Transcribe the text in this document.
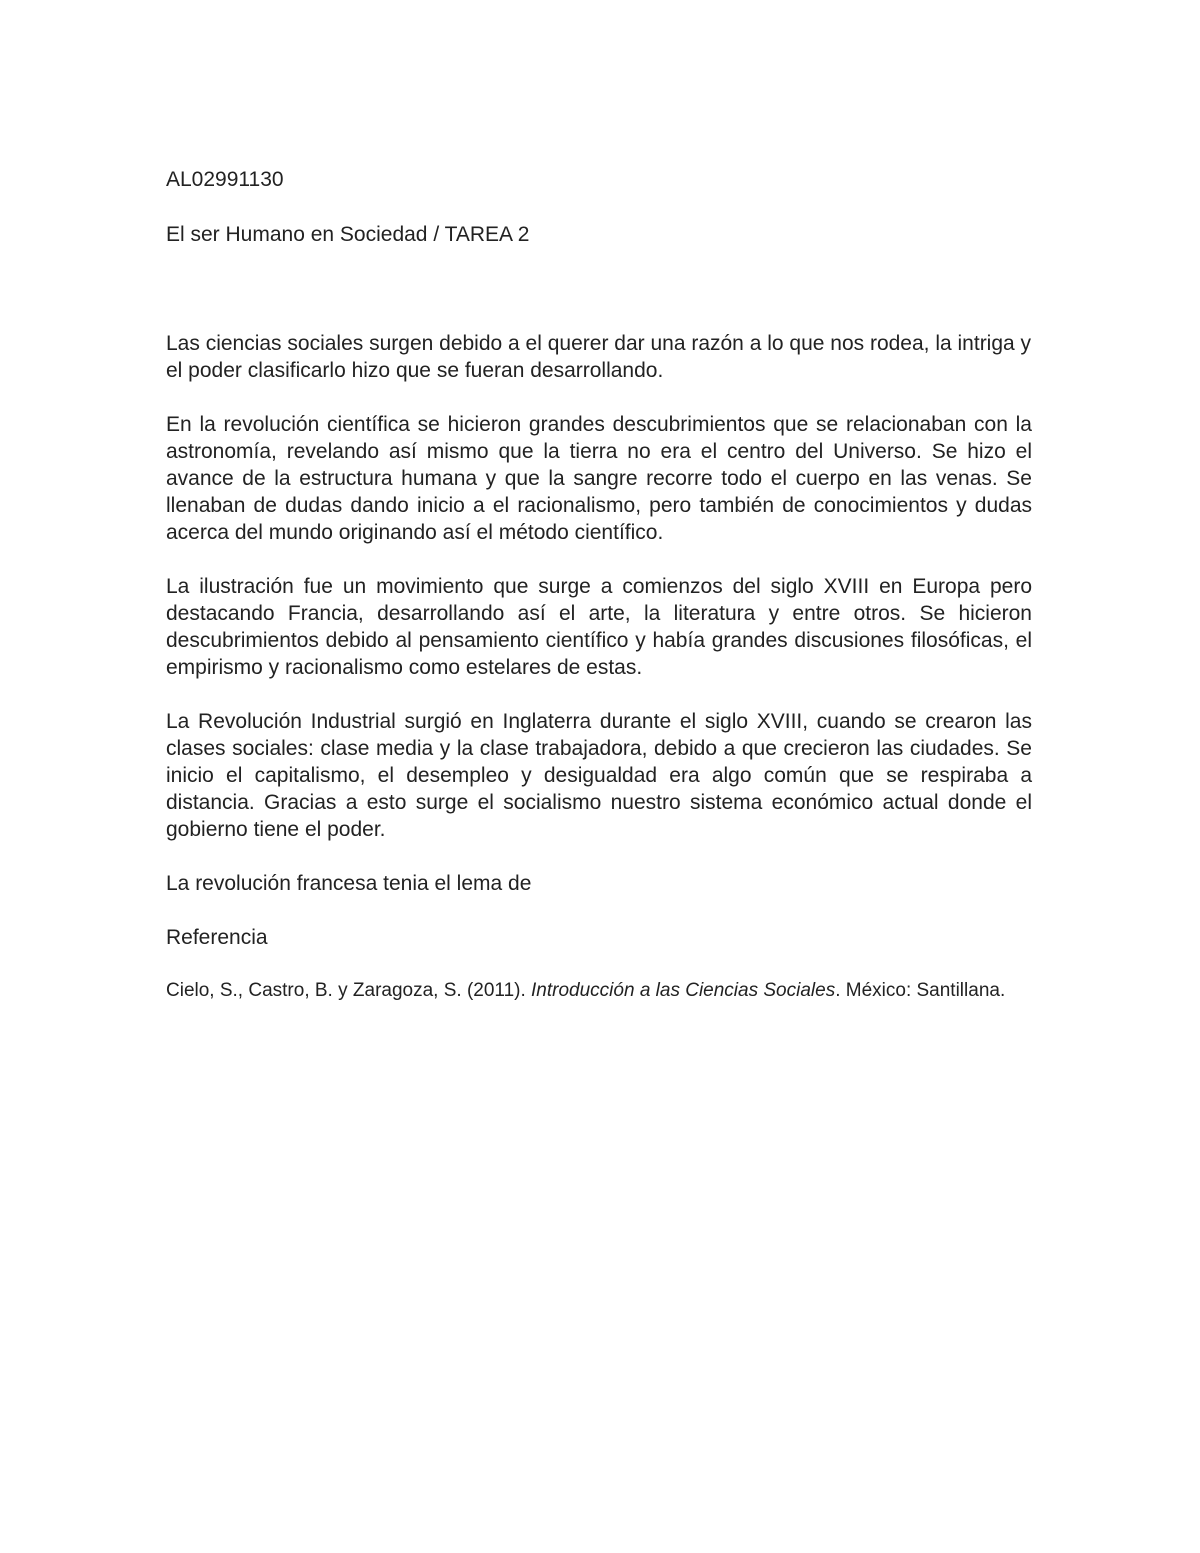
AL02991130

El ser Humano en Sociedad / TAREA 2

Las ciencias sociales surgen debido a el querer dar una razón a lo que nos rodea, la intriga y el poder clasificarlo hizo que se fueran desarrollando.

En la revolución científica se hicieron grandes descubrimientos que se relacionaban con la astronomía, revelando así mismo que la tierra no era el centro del Universo. Se hizo el avance de la estructura humana y que la sangre recorre todo el cuerpo en las venas. Se llenaban de dudas dando inicio a el racionalismo, pero también de conocimientos y dudas acerca del mundo originando así el método científico.

La ilustración fue un movimiento que surge a comienzos del siglo XVIII en Europa pero destacando Francia, desarrollando así el arte, la literatura y entre otros. Se hicieron descubrimientos debido al pensamiento científico y había grandes discusiones filosóficas, el empirismo y racionalismo como estelares de estas.

La Revolución Industrial surgió en Inglaterra durante el siglo XVIII, cuando se crearon las clases sociales: clase media y la clase trabajadora, debido a que crecieron las ciudades. Se inicio el capitalismo, el desempleo y desigualdad era algo común que se respiraba a distancia. Gracias a esto surge el socialismo nuestro sistema económico actual donde el gobierno tiene el poder.

La revolución francesa tenia el lema de

Referencia

Cielo, S., Castro, B. y Zaragoza, S. (2011). Introducción a las Ciencias Sociales. México: Santillana.
